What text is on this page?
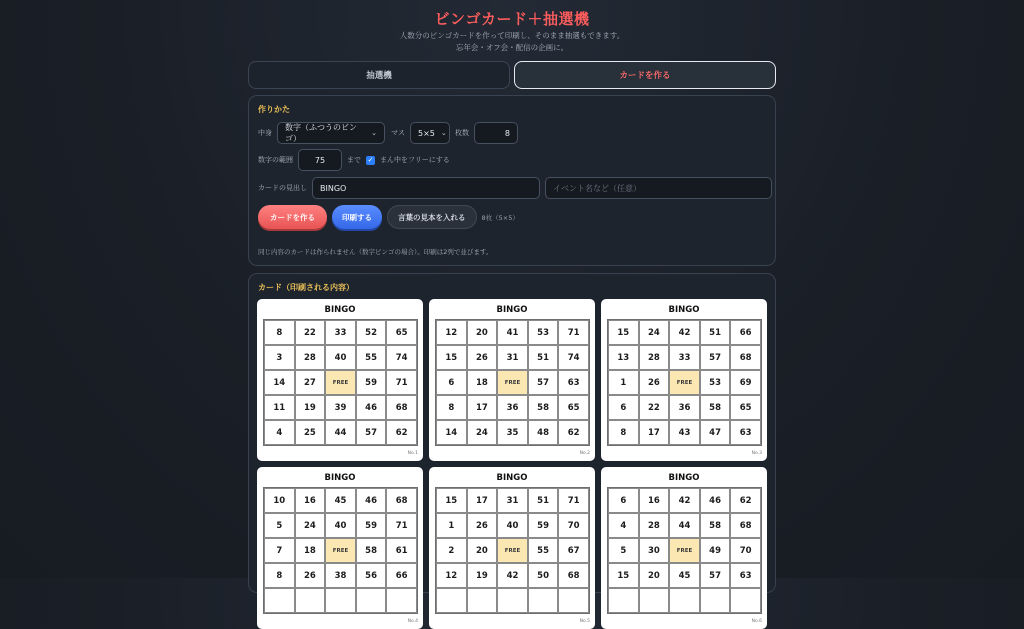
ビンゴカード＋抽選機
人数分のビンゴカードを作って印刷し、そのまま抽選もできます。
忘年会・オフ会・配信の企画に。
抽選機	カードを作る
作りかた
中身
数字（ふつうのビンゴ）
⌄ マス 5×5 ⌄ 枚数	8
数字の範囲	75	まで ✓ まん中をフリーにする
カードの見出し	BINGO	イベント名など（任意）
カードを作る	印刷する	言葉の見本を入れる	8枚（5×5）
同じ内容のカードは作られません（数字ビンゴの場合）。印刷は2列で並びます。
カード（印刷される内容）
BINGO
8	22	33	52	65
3	28	40	55	74
14	27	FREE	59	71
11	19	39	46	68
4	25	44	57	62
No.1
BINGO
12	20	41	53	71
15	26	31	51	74
6	18	FREE	57	63
8	17	36	58	65
14	24	35	48	62
No.2
BINGO
15	24	42	51	66
13	28	33	57	68
1	26	FREE	53	69
6	22	36	58	65
8	17	43	47	63
No.3
BINGO
10	16	45	46	68
5	24	40	59	71
7	18	FREE	58	61
8	26	38	56	66
No.4
BINGO
15	17	31	51	71
1	26	40	59	70
2	20	FREE	55	67
12	19	42	50	68
No.5
BINGO
6	16	42	46	62
4	28	44	58	68
5	30	FREE	49	70
15	20	45	57	63
No.6
